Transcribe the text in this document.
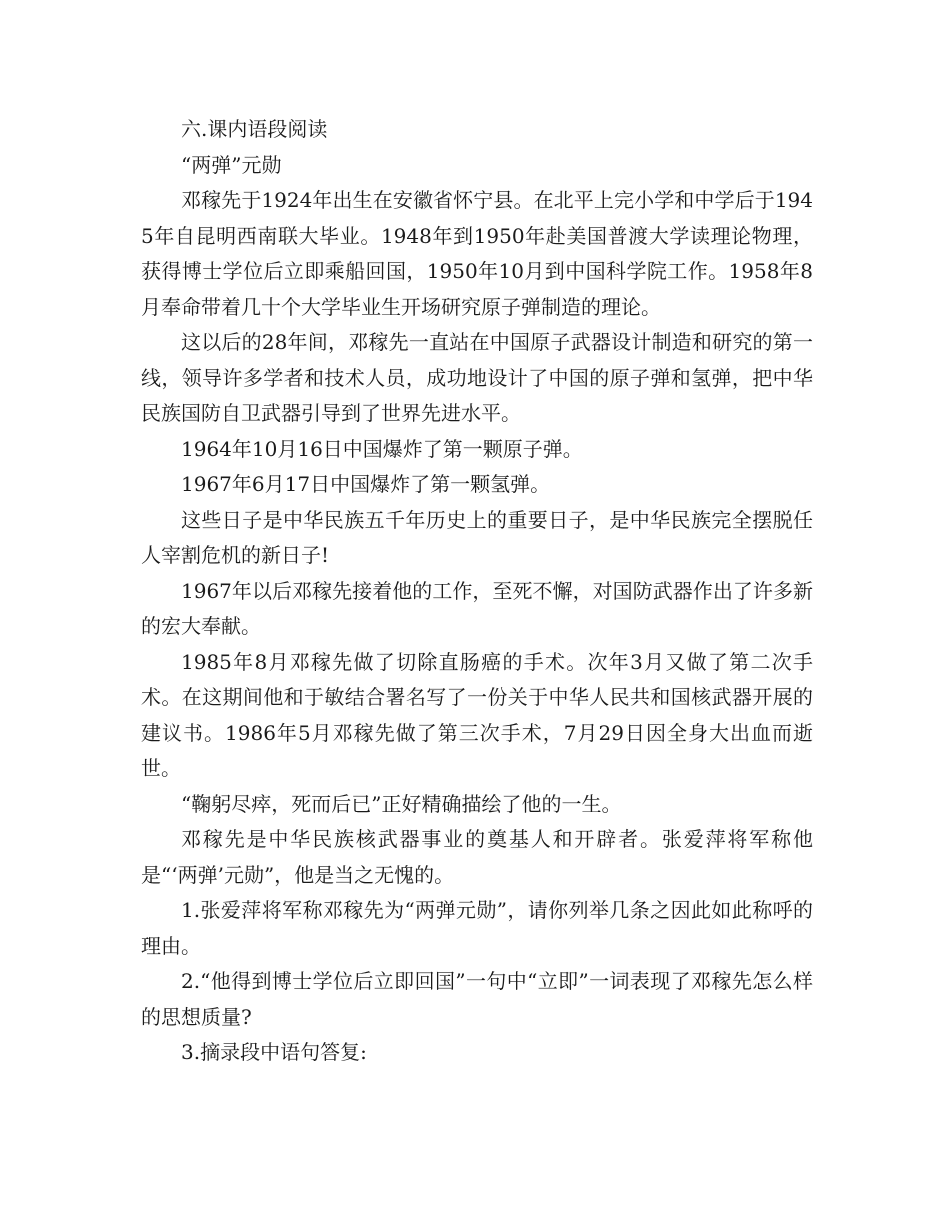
六.课内语段阅读

“两弹”元勋

邓稼先于1924年出生在安徽省怀宁县。在北平上完小学和中学后于1945年自昆明西南联大毕业。1948年到1950年赴美国普渡大学读理论物理，获得博士学位后立即乘船回国，1950年10月到中国科学院工作。1958年8月奉命带着几十个大学毕业生开场研究原子弹制造的理论。

这以后的28年间，邓稼先一直站在中国原子武器设计制造和研究的第一线，领导许多学者和技术人员，成功地设计了中国的原子弹和氢弹，把中华民族国防自卫武器引导到了世界先进水平。

1964年10月16日中国爆炸了第一颗原子弹。

1967年6月17日中国爆炸了第一颗氢弹。

这些日子是中华民族五千年历史上的重要日子，是中华民族完全摆脱任人宰割危机的新日子!

1967年以后邓稼先接着他的工作，至死不懈，对国防武器作出了许多新的宏大奉献。

1985年8月邓稼先做了切除直肠癌的手术。次年3月又做了第二次手术。在这期间他和于敏结合署名写了一份关于中华人民共和国核武器开展的建议书。1986年5月邓稼先做了第三次手术，7月29日因全身大出血而逝世。

“鞠躬尽瘁，死而后已”正好精确描绘了他的一生。

邓稼先是中华民族核武器事业的奠基人和开辟者。张爱萍将军称他是“‘两弹’元勋”，他是当之无愧的。

1.张爱萍将军称邓稼先为“两弹元勋”，请你列举几条之因此如此称呼的理由。

2.“他得到博士学位后立即回国”一句中“立即”一词表现了邓稼先怎么样的思想质量?

3.摘录段中语句答复:
